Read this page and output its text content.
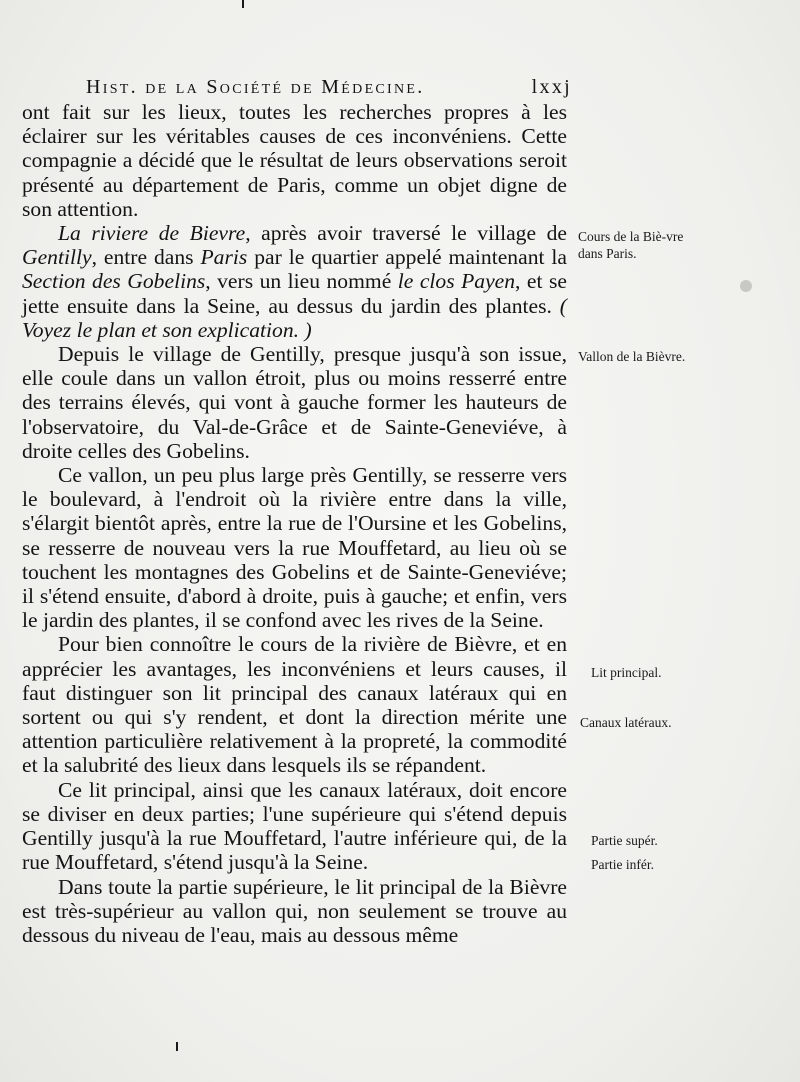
Hist. de la Société de Médecine.	lxxj

ont fait sur les lieux, toutes les recherches propres à les éclairer sur les véritables causes de ces inconvéniens. Cette compagnie a décidé que le résultat de leurs observations seroit présenté au département de Paris, comme un objet digne de son attention.

La riviere de Bievre, après avoir traversé le village de Gentilly, entre dans Paris par le quartier appelé maintenant la Section des Gobelins, vers un lieu nommé le clos Payen, et se jette ensuite dans la Seine, au dessus du jardin des plantes. ( Voyez le plan et son explication. )

Depuis le village de Gentilly, presque jusqu'à son issue, elle coule dans un vallon étroit, plus ou moins resserré entre des terrains élevés, qui vont à gauche former les hauteurs de l'observatoire, du Val-de-Grâce et de Sainte-Geneviéve, à droite celles des Gobelins.

Ce vallon, un peu plus large près Gentilly, se resserre vers le boulevard, à l'endroit où la rivière entre dans la ville, s'élargit bientôt après, entre la rue de l'Oursine et les Gobelins, se resserre de nouveau vers la rue Mouffetard, au lieu où se touchent les montagnes des Gobelins et de Sainte-Geneviéve; il s'étend ensuite, d'abord à droite, puis à gauche; et enfin, vers le jardin des plantes, il se confond avec les rives de la Seine.

Pour bien connoître le cours de la rivière de Bièvre, et en apprécier les avantages, les inconvéniens et leurs causes, il faut distinguer son lit principal des canaux latéraux qui en sortent ou qui s'y rendent, et dont la direction mérite une attention particulière relativement à la propreté, la commodité et la salubrité des lieux dans lesquels ils se répandent.

Ce lit principal, ainsi que les canaux latéraux, doit encore se diviser en deux parties; l'une supérieure qui s'étend depuis Gentilly jusqu'à la rue Mouffetard, l'autre inférieure qui, de la rue Mouffetard, s'étend jusqu'à la Seine.

Dans toute la partie supérieure, le lit principal de la Bièvre est très-supérieur au vallon qui, non seulement se trouve au dessous du niveau de l'eau, mais au dessous même

Cours de la Biè-vre dans Paris.
Vallon de la Bièvre.
Lit principal.
Canaux latéraux.
Partie supér.
Partie infér.
